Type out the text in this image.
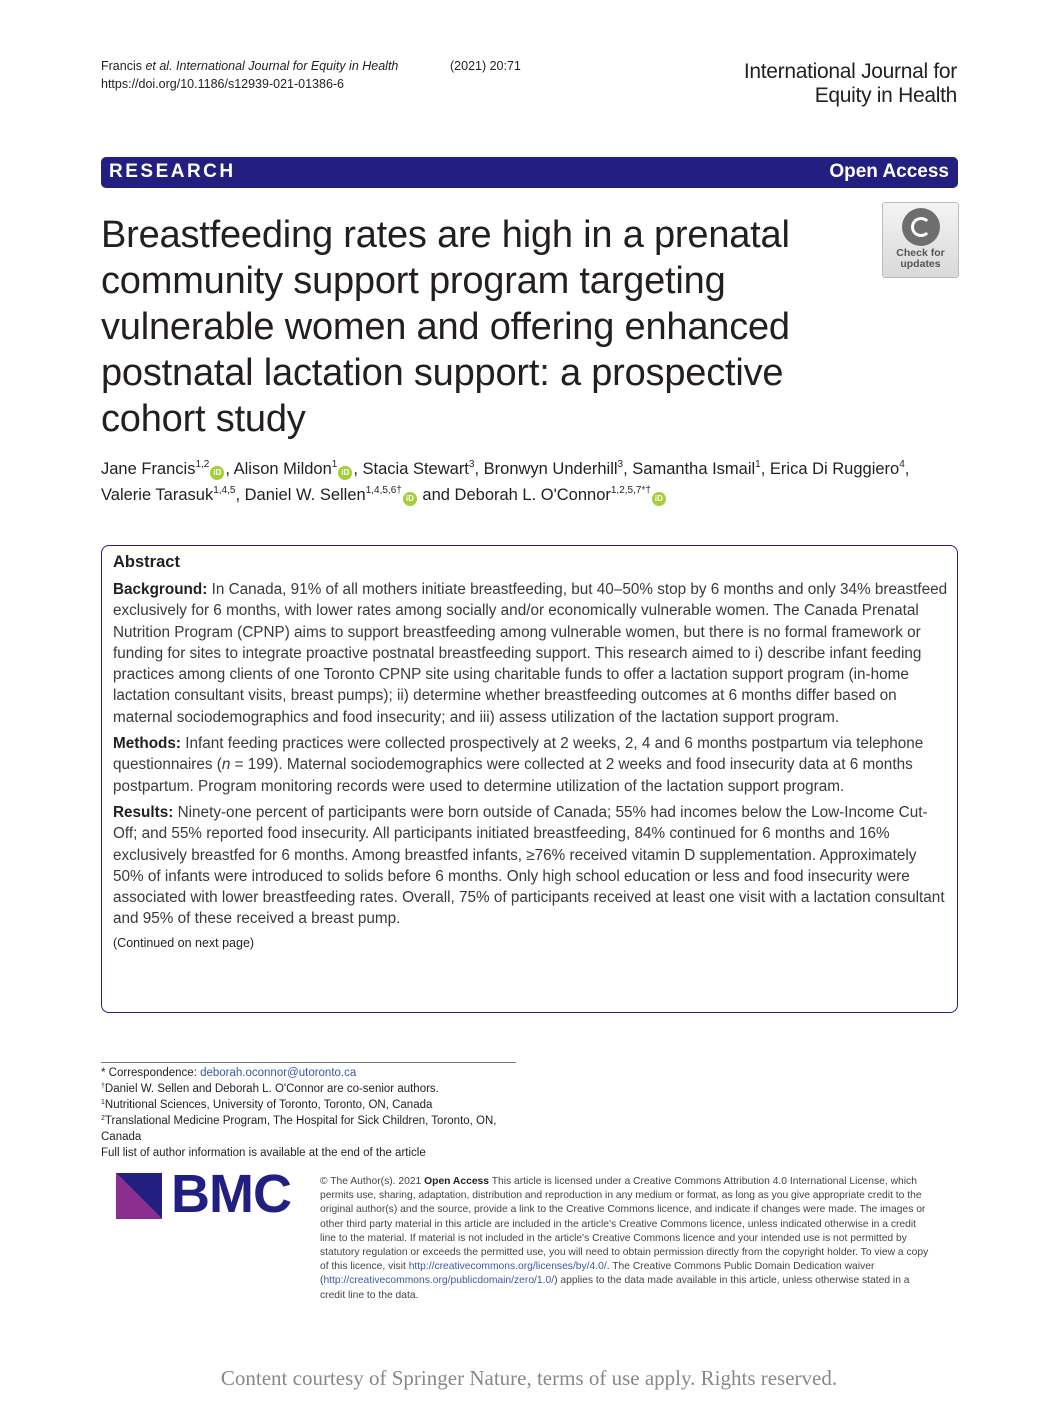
Francis et al. International Journal for Equity in Health	(2021) 20:71
https://doi.org/10.1186/s12939-021-01386-6
International Journal for
Equity in Health
RESEARCH	Open Access
Breastfeeding rates are high in a prenatal community support program targeting vulnerable women and offering enhanced postnatal lactation support: a prospective cohort study
Check for
updates
Jane Francis$^{1,2}$iD , Alison Mildon$^1$iD , Stacia Stewart$^3$, Bronwyn Underhill$^3$, Samantha Ismail$^1$, Erica Di Ruggiero$^4$, Valerie Tarasuk$^{1,4,5}$, Daniel W. Sellen$^{1,4,5,6\dagger}$iD and Deborah L. O'Connor$^{1,2,5,7*\dagger}$iD
Abstract

Background: In Canada, 91% of all mothers initiate breastfeeding, but 40–50% stop by 6 months and only 34% breastfeed exclusively for 6 months, with lower rates among socially and/or economically vulnerable women. The Canada Prenatal Nutrition Program (CPNP) aims to support breastfeeding among vulnerable women, but there is no formal framework or funding for sites to integrate proactive postnatal breastfeeding support. This research aimed to i) describe infant feeding practices among clients of one Toronto CPNP site using charitable funds to offer a lactation support program (in-home lactation consultant visits, breast pumps); ii) determine whether breastfeeding outcomes at 6 months differ based on maternal sociodemographics and food insecurity; and iii) assess utilization of the lactation support program.

Methods: Infant feeding practices were collected prospectively at 2 weeks, 2, 4 and 6 months postpartum via telephone questionnaires (n = 199). Maternal sociodemographics were collected at 2 weeks and food insecurity data at 6 months postpartum. Program monitoring records were used to determine utilization of the lactation support program.

Results: Ninety-one percent of participants were born outside of Canada; 55% had incomes below the Low-Income Cut-Off; and 55% reported food insecurity. All participants initiated breastfeeding, 84% continued for 6 months and 16% exclusively breastfed for 6 months. Among breastfed infants, ≥76% received vitamin D supplementation. Approximately 50% of infants were introduced to solids before 6 months. Only high school education or less and food insecurity were associated with lower breastfeeding rates. Overall, 75% of participants received at least one visit with a lactation consultant and 95% of these received a breast pump.

(Continued on next page)
* Correspondence: deborah.oconnor@utoronto.ca
†Daniel W. Sellen and Deborah L. O'Connor are co-senior authors.
$^1$Nutritional Sciences, University of Toronto, Toronto, ON, Canada
$^2$Translational Medicine Program, The Hospital for Sick Children, Toronto, ON, Canada
Full list of author information is available at the end of the article
BMC	© The Author(s). 2021 Open Access This article is licensed under a Creative Commons Attribution 4.0 International License, which permits use, sharing, adaptation, distribution and reproduction in any medium or format, as long as you give appropriate credit to the original author(s) and the source, provide a link to the Creative Commons licence, and indicate if changes were made. The images or other third party material in this article are included in the article's Creative Commons licence, unless indicated otherwise in a credit line to the material. If material is not included in the article's Creative Commons licence and your intended use is not permitted by statutory regulation or exceeds the permitted use, you will need to obtain permission directly from the copyright holder. To view a copy of this licence, visit http://creativecommons.org/licenses/by/4.0/. The Creative Commons Public Domain Dedication waiver (http://creativecommons.org/publicdomain/zero/1.0/) applies to the data made available in this article, unless otherwise stated in a credit line to the data.
Content courtesy of Springer Nature, terms of use apply. Rights reserved.
